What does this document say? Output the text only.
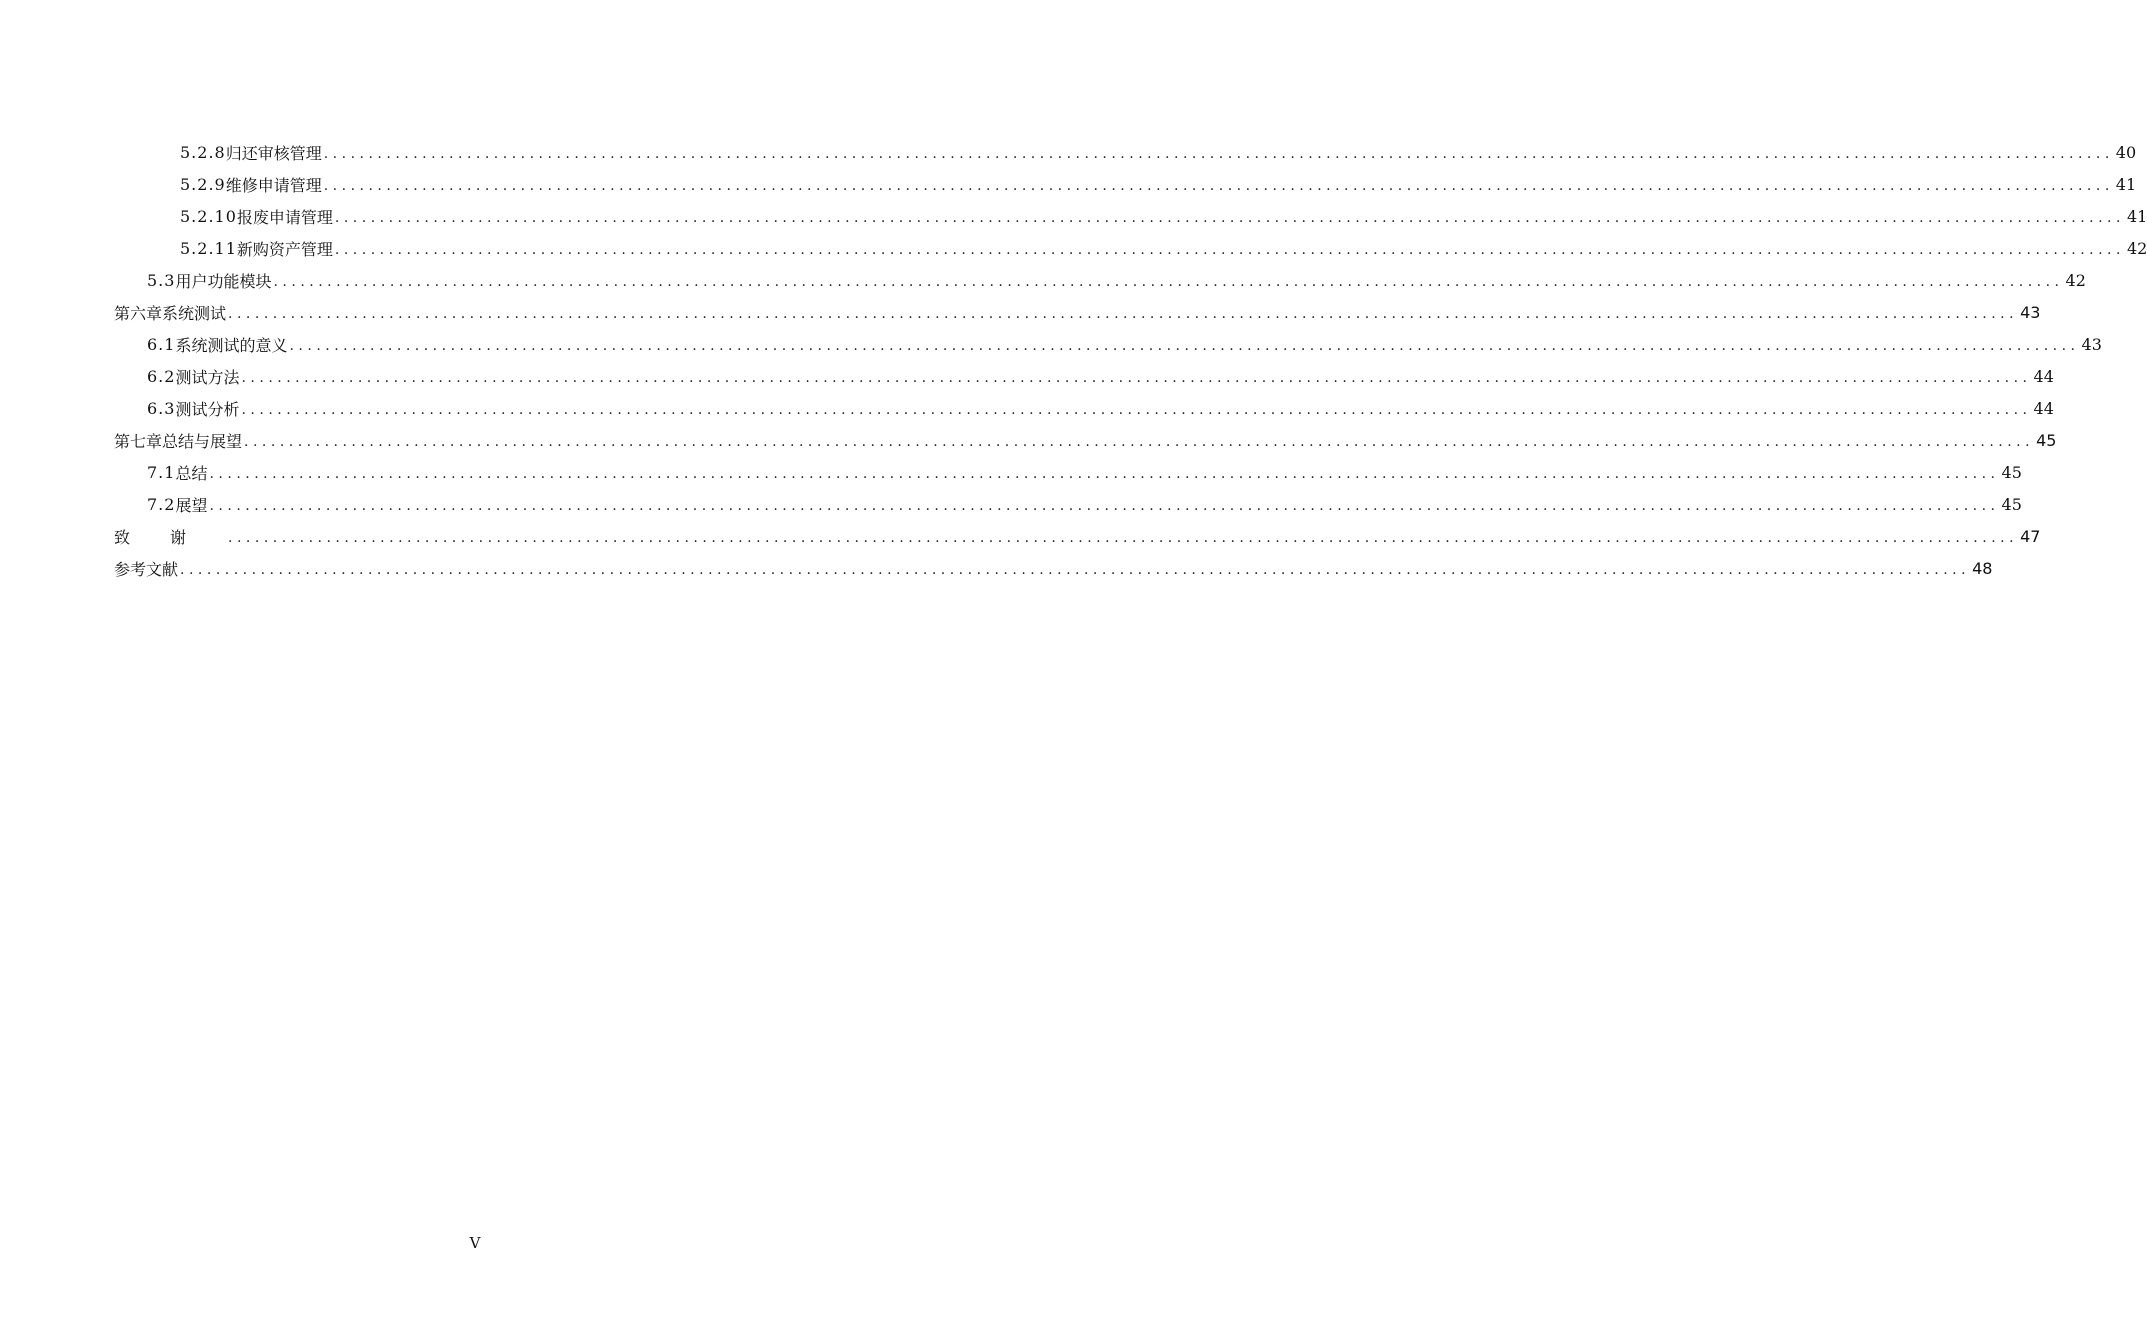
5.2.8 归还审核管理 ........................................................................................................................................................................................................ 40
5.2.9 维修申请管理 ........................................................................................................................................................................................................ 41
5.2.10 报废申请管理 ........................................................................................................................................................................................................ 41
5.2.11 新购资产管理 ........................................................................................................................................................................................................ 42
5.3 用户功能模块 ........................................................................................................................................................................................................ 42
第六章 系统测试 ........................................................................................................................................................................................................ 43
6.1 系统测试的意义 ........................................................................................................................................................................................................ 43
6.2 测试方法 ........................................................................................................................................................................................................ 44
6.3 测试分析 ........................................................................................................................................................................................................ 44
第七章 总结与展望 ........................................................................................................................................................................................................ 45
7.1 总结 ........................................................................................................................................................................................................ 45
7.2 展望 ........................................................................................................................................................................................................ 45
致谢 ........................................................................................................................................................................................................ 47
参考文献 ........................................................................................................................................................................................................ 48
V
